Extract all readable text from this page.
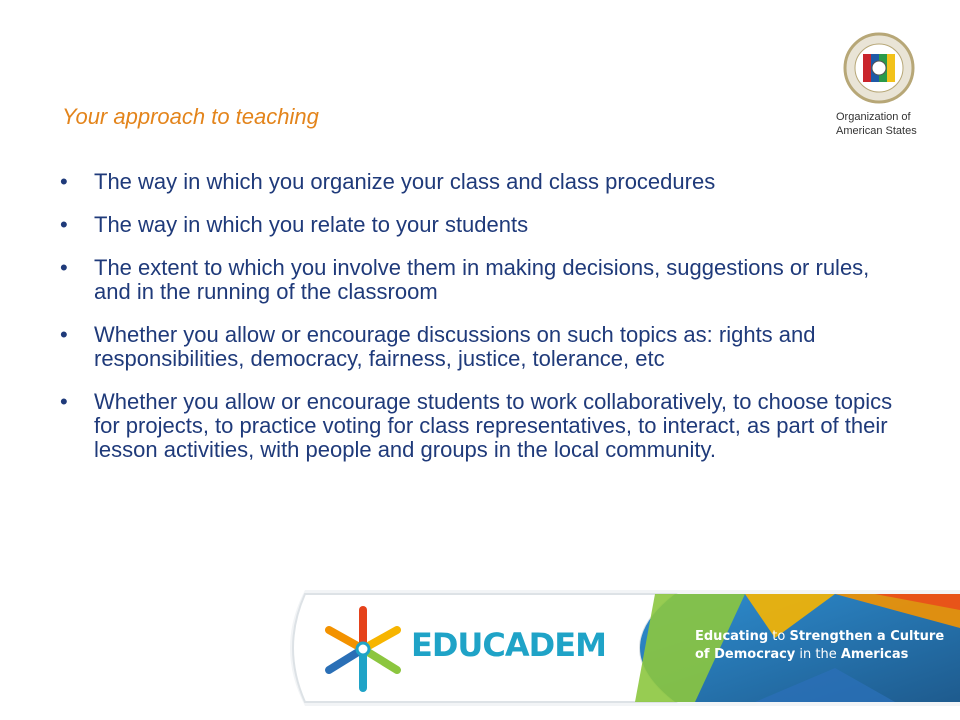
Your approach to teaching	Organization of
American States
• The way in which you organize your class and class procedures
• The way in which you relate to your students
• The extent to which you involve them in making decisions, suggestions or rules, and in the running of the classroom
• Whether you allow or encourage discussions on such topics as: rights and responsibilities, democracy, fairness, justice, tolerance, etc
• Whether you allow or encourage students to work collaboratively, to choose topics for projects, to practice voting for class representatives, to interact, as part of their lesson activities, with people and groups in the local community.
EDUCADEM	Educating to Strengthen a Culture
of Democracy in the Americas
